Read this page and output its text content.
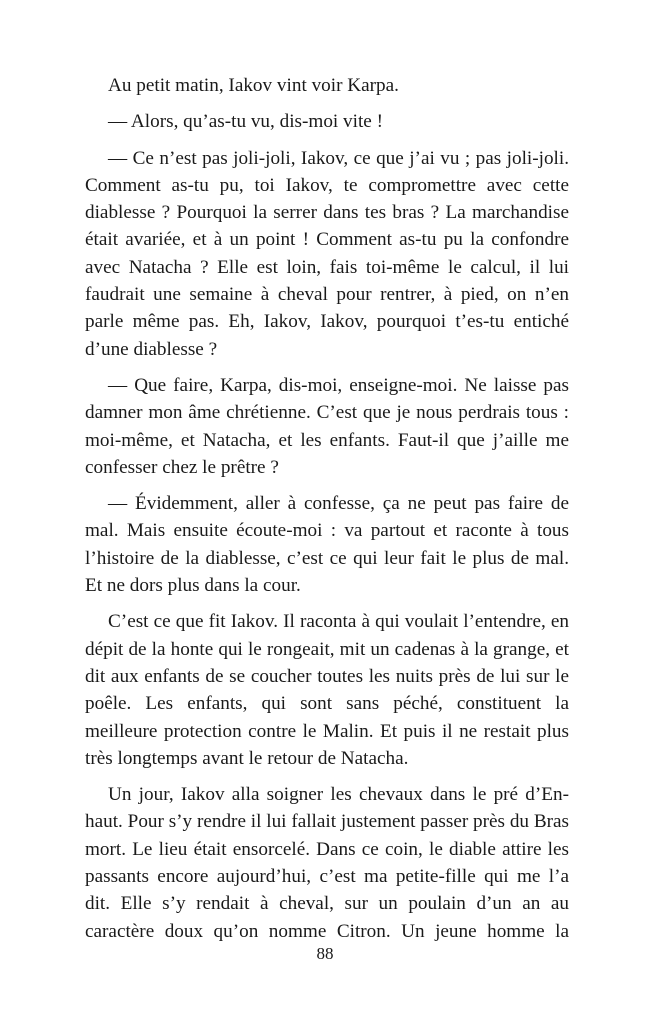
Au petit matin, Iakov vint voir Karpa.

— Alors, qu’as-tu vu, dis-moi vite !

— Ce n’est pas joli-joli, Iakov, ce que j’ai vu ; pas joli-joli. Comment as-tu pu, toi Iakov, te compromettre avec cette diablesse ? Pourquoi la serrer dans tes bras ? La marchandise était avariée, et à un point ! Comment as-tu pu la confondre avec Natacha ? Elle est loin, fais toi-même le calcul, il lui faudrait une semaine à cheval pour rentrer, à pied, on n’en parle même pas. Eh, Iakov, Iakov, pourquoi t’es-tu entiché d’une diablesse ?

— Que faire, Karpa, dis-moi, enseigne-moi. Ne laisse pas damner mon âme chrétienne. C’est que je nous perdrais tous : moi-même, et Natacha, et les enfants. Faut-il que j’aille me confesser chez le prêtre ?

— Évidemment, aller à confesse, ça ne peut pas faire de mal. Mais ensuite écoute-moi : va partout et raconte à tous l’histoire de la diablesse, c’est ce qui leur fait le plus de mal. Et ne dors plus dans la cour.

C’est ce que fit Iakov. Il raconta à qui voulait l’entendre, en dépit de la honte qui le rongeait, mit un cadenas à la grange, et dit aux enfants de se coucher toutes les nuits près de lui sur le poêle. Les enfants, qui sont sans péché, constituent la meilleure protection contre le Malin. Et puis il ne restait plus très longtemps avant le retour de Natacha.

Un jour, Iakov alla soigner les chevaux dans le pré d’En-haut. Pour s’y rendre il lui fallait justement passer près du Bras mort. Le lieu était ensorcelé. Dans ce coin, le diable attire les passants encore aujourd’hui, c’est ma petite-fille qui me l’a dit. Elle s’y rendait à cheval, sur un poulain d’un an au caractère doux qu’on nomme Citron. Un jeune homme la

88
